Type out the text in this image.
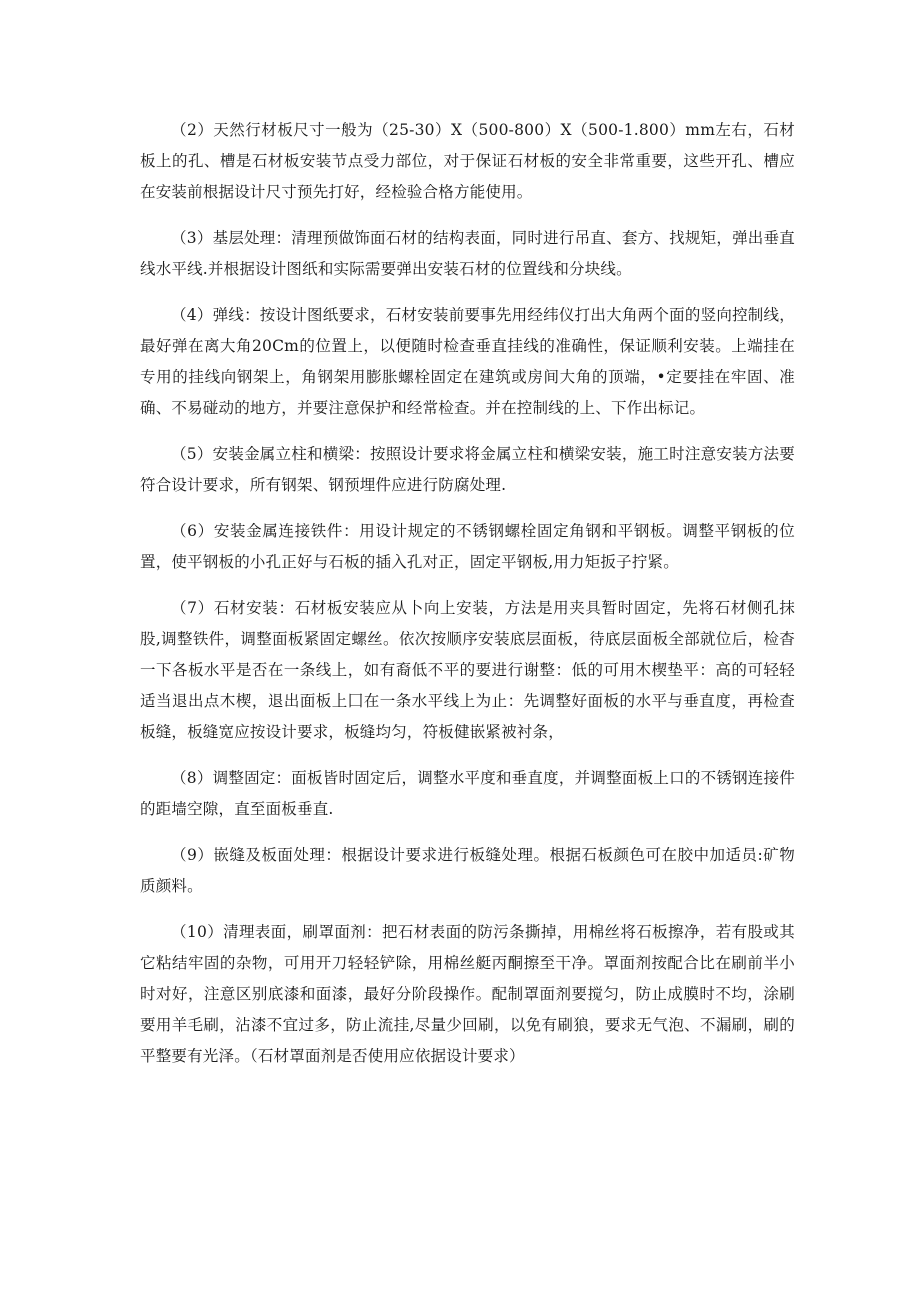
（2）天然行材板尺寸一般为（25-30）X（500-800）X（500-1.800）mm左右，石材板上的孔、槽是石材板安装节点受力部位，对于保证石材板的安全非常重要，这些开孔、槽应在安装前根据设计尺寸预先打好，经检验合格方能使用。

（3）基层处理：清理预做饰面石材的结构表面，同时进行吊直、套方、找规矩，弹出垂直线水平线.并根据设计图纸和实际需要弹出安装石材的位置线和分块线。

（4）弹线：按设计图纸要求，石材安装前要事先用经纬仪打出大角两个面的竖向控制线，最好弹在离大角20Cm的位置上，以便随时检查垂直挂线的准确性，保证顺利安装。上端挂在专用的挂线向钢架上，角钢架用膨胀螺栓固定在建筑或房间大角的顶端，•定要挂在牢固、准确、不易碰动的地方，并要注意保护和经常检查。并在控制线的上、下作出标记。

（5）安装金属立柱和横梁：按照设计要求将金属立柱和横梁安装，施工时注意安装方法要符合设计要求，所有钢架、钢预埋件应进行防腐处理.

（6）安装金属连接铁件：用设计规定的不锈钢螺栓固定角钢和平钢板。调整平钢板的位置，使平钢板的小孔正好与石板的插入孔对正，固定平钢板,用力矩扳子拧紧。

（7）石材安装：石材板安装应从卜向上安装，方法是用夹具暂时固定，先将石材侧孔抹股,调整铁件，调整面板紧固定螺丝。依次按顺序安装底层面板，待底层面板全部就位后，检杳一下各板水平是否在一条线上，如有裔低不平的要进行谢整：低的可用木楔垫平：高的可轻轻适当退出点木楔，退出面板上囗在一条水平线上为止：先调整好面板的水平与垂直度，再检查板缝，板缝宽应按设计要求，板缝均匀，符板健嵌紧被衬条，

（8）调整固定：面板皆时固定后，调整水平度和垂直度，并调整面板上口的不锈钢连接件的距墙空隙，直至面板垂直.

（9）嵌缝及板面处理：根据设计要求进行板缝处理。根据石板颜色可在胶中加适员:矿物质颜料。

（10）清理表面，刷罩面剂：把石材表面的防污条撕掉，用棉丝将石板擦净，若有股或其它粘结牢固的杂物，可用开刀轻轻铲除，用棉丝艇丙酮擦至干净。罩面剂按配合比在刷前半小时对好，注意区别底漆和面漆，最好分阶段操作。配制罩面剂要搅匀，防止成膜时不均，涂刷要用羊毛刷，沾漆不宜过多，防止流挂,尽量少回刷，以免有刷狼，要求无气泡、不漏刷，刷的平整要有光泽。（石材罩面剂是否使用应依据设计要求）
